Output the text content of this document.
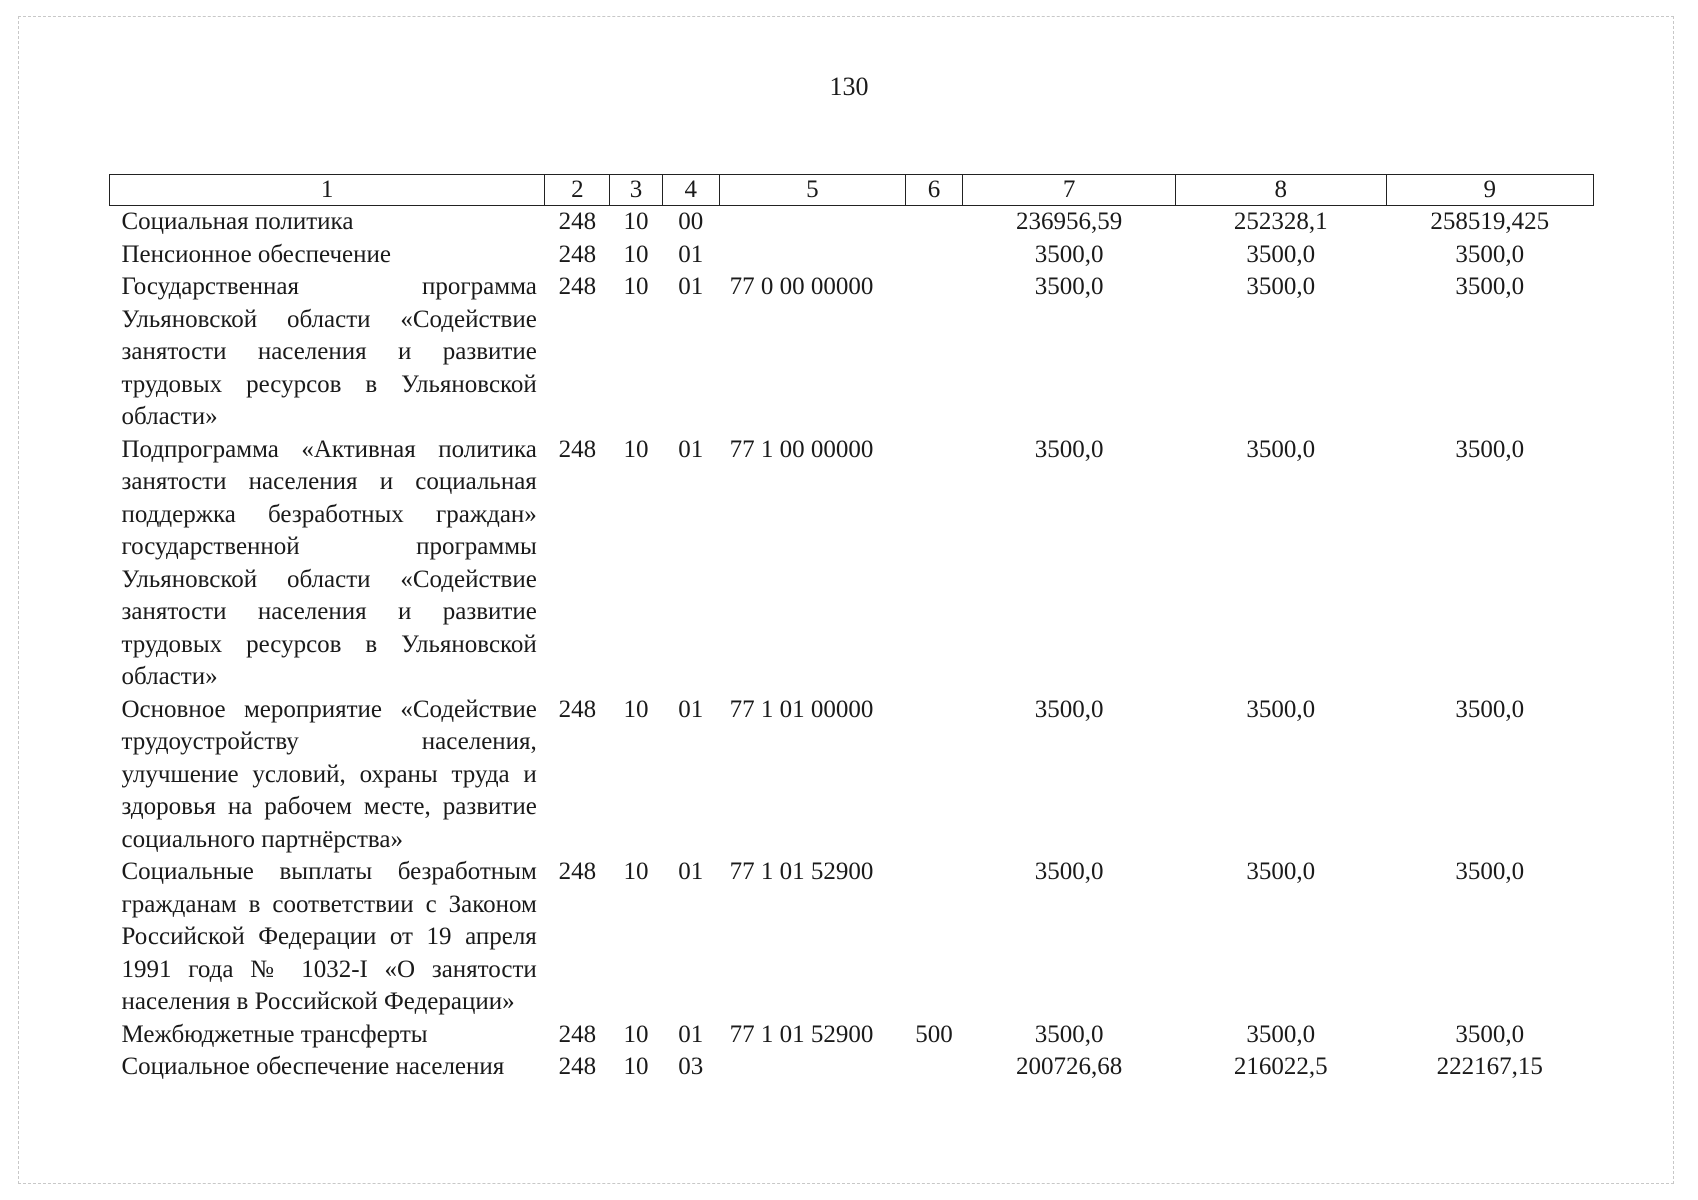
130
1	2	3	4	5	6	7	8	9
Социальная политика	248	10	00			236956,59	252328,1	258519,425
Пенсионное обеспечение	248	10	01			3500,0	3500,0	3500,0
Государственная программа Ульяновской области «Содействие занятости населения и развитие трудовых ресурсов в Ульяновской области»	248	10	01	77 0 00 00000		3500,0	3500,0	3500,0
Подпрограмма «Активная политика занятости населения и социальная поддержка безработных граждан» государственной программы Ульяновской области «Содействие занятости населения и развитие трудовых ресурсов в Ульяновской области»	248	10	01	77 1 00 00000		3500,0	3500,0	3500,0
Основное мероприятие «Содействие трудоустройству населения, улучшение условий, охраны труда и здоровья на рабочем месте, развитие социального партнёрства»	248	10	01	77 1 01 00000		3500,0	3500,0	3500,0
Социальные выплаты безработным гражданам в соответствии с Законом Российской Федерации от 19 апреля 1991 года № 1032-I «О занятости населения в Российской Федерации»	248	10	01	77 1 01 52900		3500,0	3500,0	3500,0
Межбюджетные трансферты	248	10	01	77 1 01 52900	500	3500,0	3500,0	3500,0
Социальное обеспечение населения	248	10	03			200726,68	216022,5	222167,15
